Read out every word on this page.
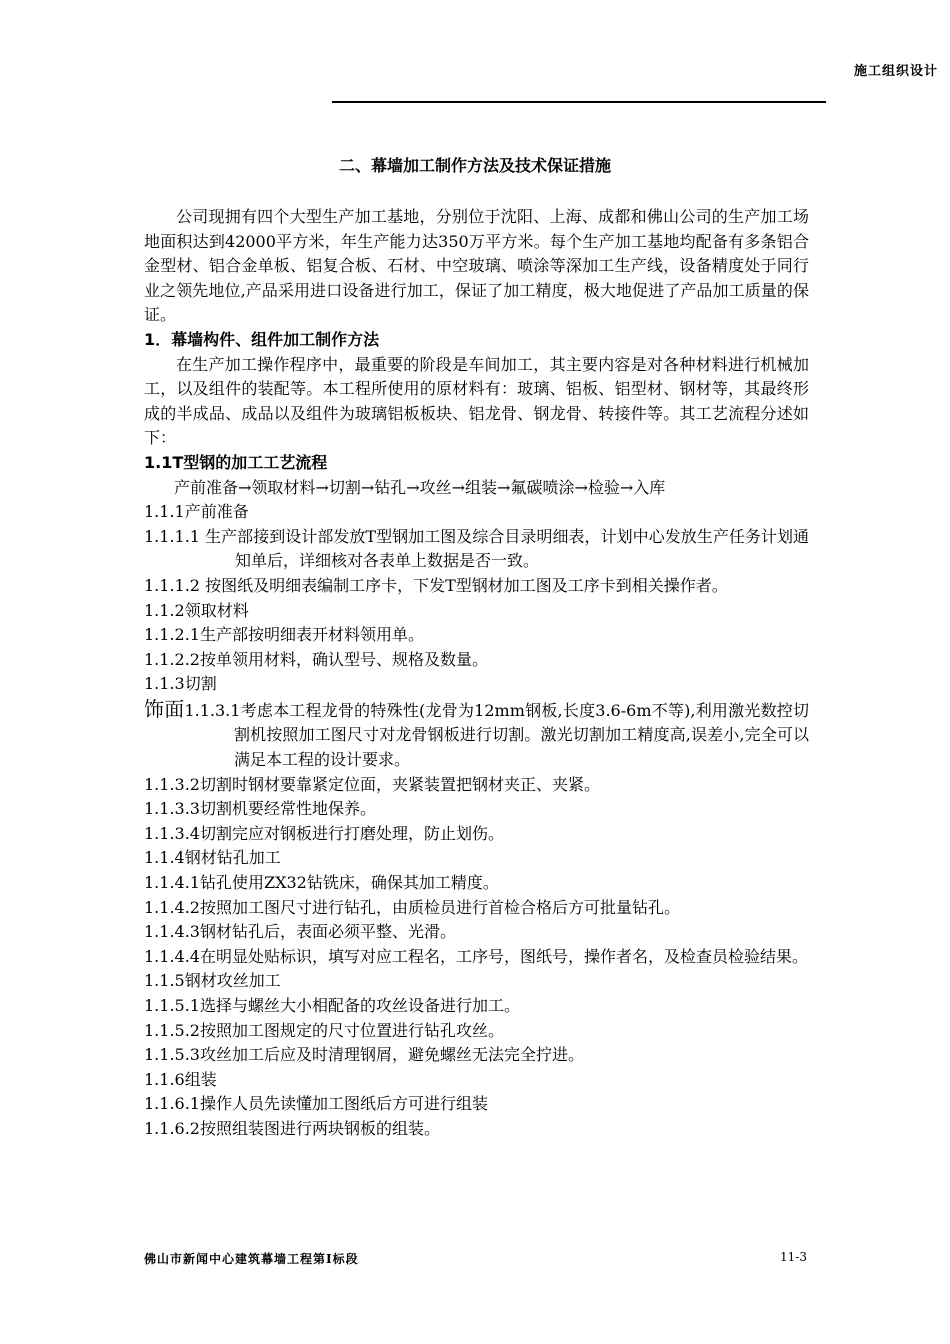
施工组织设计
二、幕墙加工制作方法及技术保证措施

公司现拥有四个大型生产加工基地，分别位于沈阳、上海、成都和佛山公司的生产加工场地面积达到42000平方米，年生产能力达350万平方米。每个生产加工基地均配备有多条铝合金型材、铝合金单板、铝复合板、石材、中空玻璃、喷涂等深加工生产线，设备精度处于同行业之领先地位,产品采用进口设备进行加工，保证了加工精度，极大地促进了产品加工质量的保证。

1．幕墙构件、组件加工制作方法

在生产加工操作程序中，最重要的阶段是车间加工，其主要内容是对各种材料进行机械加工，以及组件的装配等。本工程所使用的原材料有：玻璃、铝板、铝型材、钢材等，其最终形成的半成品、成品以及组件为玻璃铝板板块、铝龙骨、钢龙骨、转接件等。其工艺流程分述如下：

1.1T型钢的加工工艺流程

产前准备→领取材料→切割→钻孔→攻丝→组装→氟碳喷涂→检验→入库

1.1.1产前准备

1.1.1.1 生产部接到设计部发放T型钢加工图及综合目录明细表，计划中心发放生产任务计划通知单后，详细核对各表单上数据是否一致。

1.1.1.2 按图纸及明细表编制工序卡，下发T型钢材加工图及工序卡到相关操作者。

1.1.2领取材料

1.1.2.1生产部按明细表开材料领用单。

1.1.2.2按单领用材料，确认型号、规格及数量。

1.1.3切割

饰面1.1.3.1考虑本工程龙骨的特殊性(龙骨为12mm钢板,长度3.6-6m不等),利用激光数控切割机按照加工图尺寸对龙骨钢板进行切割。激光切割加工精度高,误差小,完全可以满足本工程的设计要求。

1.1.3.2切割时钢材要靠紧定位面，夹紧装置把钢材夹正、夹紧。

1.1.3.3切割机要经常性地保养。

1.1.3.4切割完应对钢板进行打磨处理，防止划伤。

1.1.4钢材钻孔加工

1.1.4.1钻孔使用ZX32钻铣床，确保其加工精度。

1.1.4.2按照加工图尺寸进行钻孔，由质检员进行首检合格后方可批量钻孔。

1.1.4.3钢材钻孔后，表面必须平整、光滑。

1.1.4.4在明显处贴标识，填写对应工程名，工序号，图纸号，操作者名，及检查员检验结果。

1.1.5钢材攻丝加工

1.1.5.1选择与螺丝大小相配备的攻丝设备进行加工。

1.1.5.2按照加工图规定的尺寸位置进行钻孔攻丝。

1.1.5.3攻丝加工后应及时清理钢屑，避免螺丝无法完全拧进。

1.1.6组装

1.1.6.1操作人员先读懂加工图纸后方可进行组装

1.1.6.2按照组装图进行两块钢板的组装。

佛山市新闻中心建筑幕墙工程第Ⅰ标段	11-3
